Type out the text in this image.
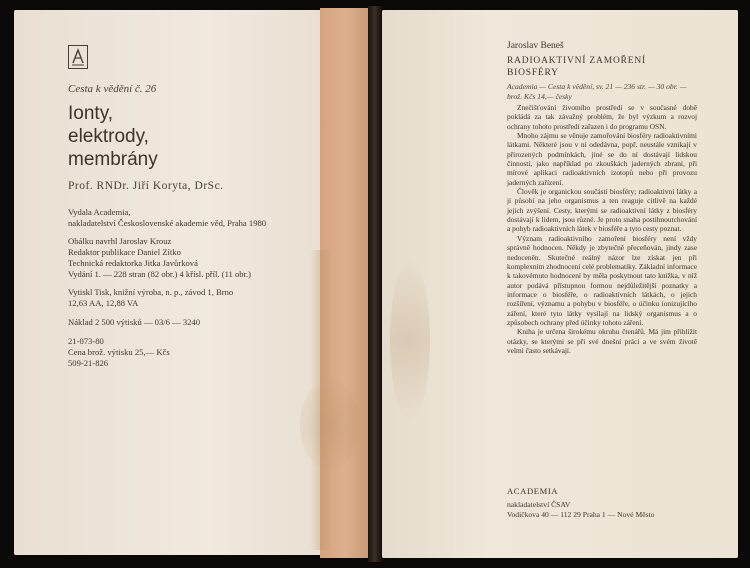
Cesta k vědění č. 26
Ionty,
elektrody,
membrány
Prof. RNDr. Jiří Koryta, DrSc.
Vydala Academia,
nakladatelství Československé akademie věd, Praha 1980
Obálku navrhl Jaroslav Krouz
Redaktor publikace Daniel Zítko
Technická redaktorka Jitka Javůrková
Vydání 1. — 228 stran (82 obr.) 4 křísl. příl. (11 obr.)
Vytiskl Tisk, knižní výroba, n. p., závod 1, Brno
12,63 AA, 12,88 VA
Náklad 2 500 výtisků — 03/6 — 3240
21-073-80
Cena brož. výtisku 25,— Kčs
509-21-826
Jaroslav Beneš
RADIOAKTIVNÍ ZAMOŘENÍ
BIOSFÉRY
Academia — Cesta k vědění, sv. 21 — 236 str. — 30 obr. — brož. Kčs 14,— česky

Znečišťování životního prostředí se v současné době pokládá za tak závažný problém, že byl výzkum a rozvoj ochrany tohoto prostředí zařazen i do programu OSN.

Mnoho zájmu se věnuje zamořování biosféry radioaktivními látkami. Některé jsou v ní odedávna, popř. neustále vznikají v přirozených podmínkách, jiné se do ní dostávají lidskou činností, jako například po zkouškách jaderných zbraní, při mírové aplikaci radioaktivních izotopů nebo při provozu jaderných zařízení.

Člověk je organickou součástí biosféry; radioaktivní látky a jí působí na jeho organismus a ten reaguje citlivě na každé jejich zvýšení. Cesty, kterými se radioaktivní látky z biosféry dostávají k lidem, jsou různé. Je proto snaha postihnoutchování a pohyb radioaktivních látek v biosféře a tyto cesty poznat.

Význam radioaktivního zamoření biosféry není vždy správně hodnocen. Někdy je zbytečně přeceňován, jindy zase nedoceněn. Skutečné reálný názor lze získat jen při komplexním zhodnocení celé problematiky. Základní informace k takovémuto hodnocení by měla poskytnout tato knížka, v níž autor podává přístupnou formou nejdůležitější poznatky a informace o biosféře, o radioaktivních látkách, o jejich rozšíření, významu a pohybu v biosféře, o účinku ionizujícího záření, které tyto látky vysílají na lidský organismus a o způsobech ochrany před účinky tohoto záření.

Kniha je určena širokému okruhu čtenářů. Má jim přiblížit otázky, se kterými se při své dnešní práci a ve svém životě velmi často setkávají.

ACADEMIA
nakladatelství ČSAV
Vodičkova 40 — 112 29 Praha 1 — Nové Město
